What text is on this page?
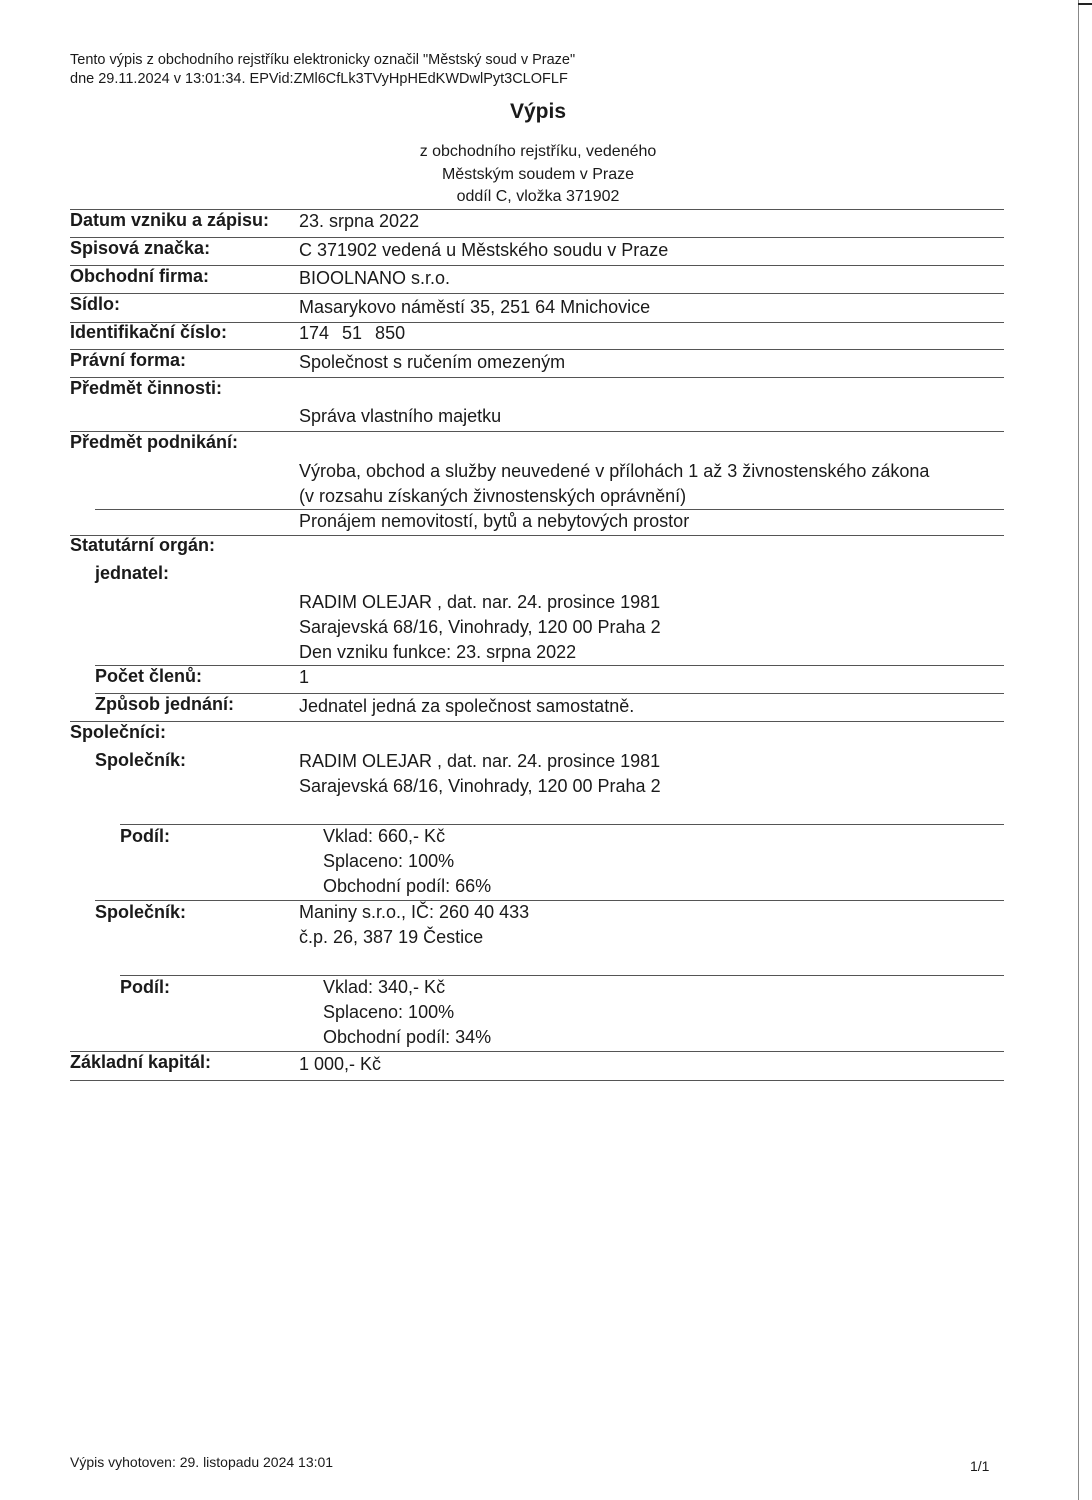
Tento výpis z obchodního rejstříku elektronicky označil "Městský soud v Praze"
dne 29.11.2024 v 13:01:34. EPVid:ZMl6CfLk3TVyHpHEdKWDwlPyt3CLOFLF
Výpis
z obchodního rejstříku, vedeného
Městským soudem v Praze
oddíl C, vložka 371902
Datum vzniku a zápisu: 23. srpna 2022
Spisová značka:	C 371902 vedená u Městského soudu v Praze
Obchodní firma:	BIOOLNANO s.r.o.
Sídlo:	Masarykovo náměstí 35, 251 64 Mnichovice
Identifikační číslo:	174 51 850
Právní forma:	Společnost s ručením omezeným
Předmět činnosti:
Správa vlastního majetku
Předmět podnikání:
Výroba, obchod a služby neuvedené v přílohách 1 až 3 živnostenského zákona
(v rozsahu získaných živnostenských oprávnění)
Pronájem nemovitostí, bytů a nebytových prostor
Statutární orgán:
jednatel:
RADIM OLEJAR , dat. nar. 24. prosince 1981
Sarajevská 68/16, Vinohrady, 120 00 Praha 2
Den vzniku funkce: 23. srpna 2022
Počet členů:	1
Způsob jednání:	Jednatel jedná za společnost samostatně.
Společníci:
Společník:	RADIM OLEJAR , dat. nar. 24. prosince 1981
Sarajevská 68/16, Vinohrady, 120 00 Praha 2
Podíl:	Vklad: 660,- Kč
Splaceno: 100%
Obchodní podíl: 66%
Společník:	Maniny s.r.o., IČ: 260 40 433
č.p. 26, 387 19 Čestice
Podíl:	Vklad: 340,- Kč
Splaceno: 100%
Obchodní podíl: 34%
Základní kapitál:	1 000,- Kč
Výpis vyhotoven: 29. listopadu 2024 13:01	1/1
